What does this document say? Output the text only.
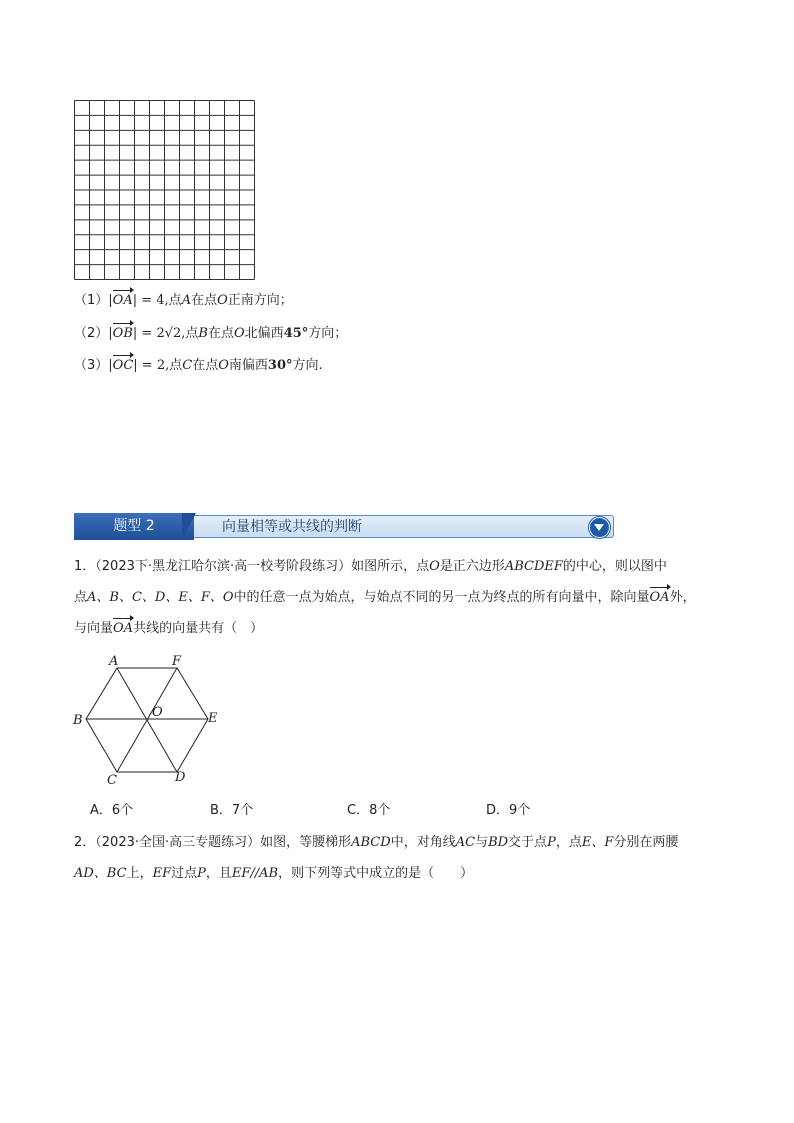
（1）|OA| = 4,点A在点O正南方向；
（2）|OB| = 2√2,点B在点O北偏西45°方向；
（3）|OC| = 2,点C在点O南偏西30°方向.
题型 2	向量相等或共线的判断
1．（2023下·黑龙江哈尔滨·高一校考阶段练习）如图所示，点O是正六边形ABCDEF的中心，则以图中
点A、B、C、D、E、F、O中的任意一点为始点，与始点不同的另一点为终点的所有向量中，除向量OA外，
与向量OA共线的向量共有（　）
A	F
B
O	E
C	D
A．6个	B．7个	C．8个	D．9个
2．（2023·全国·高三专题练习）如图，等腰梯形ABCD中，对角线AC与BD交于点P，点E、F分别在两腰
AD、BC上，EF过点P，且EF//AB，则下列等式中成立的是（　　）
